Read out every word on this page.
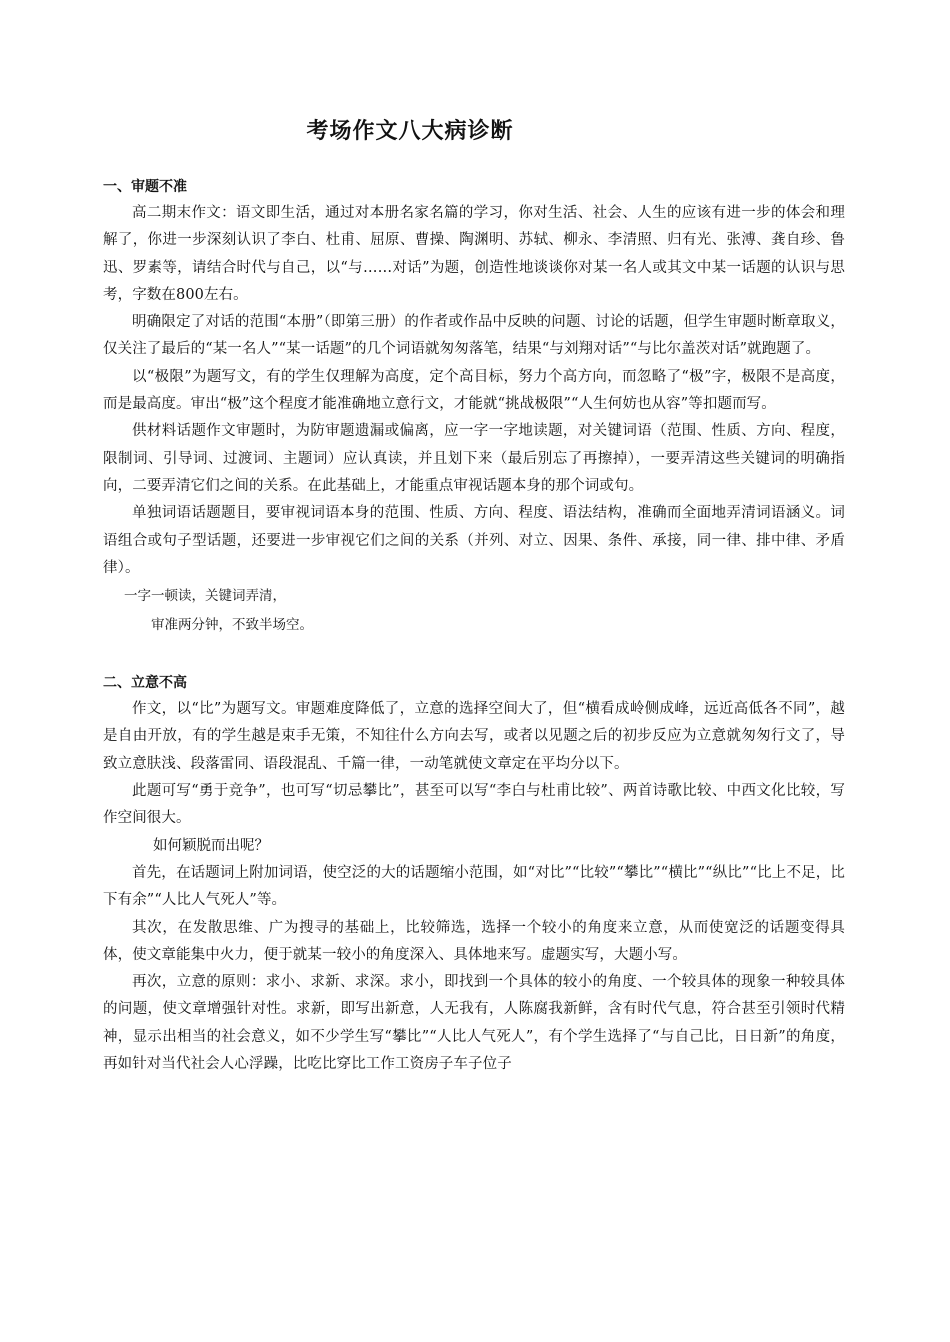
考场作文八大病诊断

一、审题不准

高二期末作文：语文即生活，通过对本册名家名篇的学习，你对生活、社会、人生的应该有进一步的体会和理解了，你进一步深刻认识了李白、杜甫、屈原、曹操、陶渊明、苏轼、柳永、李清照、归有光、张溥、龚自珍、鲁迅、罗素等，请结合时代与自己，以“与……对话”为题，创造性地谈谈你对某一名人或其文中某一话题的认识与思考，字数在800左右。

明确限定了对话的范围“本册”（即第三册）的作者或作品中反映的问题、讨论的话题，但学生审题时断章取义，仅关注了最后的“某一名人”“某一话题”的几个词语就匆匆落笔，结果“与刘翔对话”“与比尔盖茨对话”就跑题了。

以“极限”为题写文，有的学生仅理解为高度，定个高目标，努力个高方向，而忽略了“极”字，极限不是高度，而是最高度。审出“极”这个程度才能准确地立意行文，才能就“挑战极限”“人生何妨也从容”等扣题而写。

供材料话题作文审题时，为防审题遗漏或偏离，应一字一字地读题，对关键词语（范围、性质、方向、程度，限制词、引导词、过渡词、主题词）应认真读，并且划下来（最后别忘了再擦掉），一要弄清这些关键词的明确指向，二要弄清它们之间的关系。在此基础上，才能重点审视话题本身的那个词或句。

单独词语话题题目，要审视词语本身的范围、性质、方向、程度、语法结构，准确而全面地弄清词语涵义。词语组合或句子型话题，还要进一步审视它们之间的关系（并列、对立、因果、条件、承接，同一律、排中律、矛盾律）。

一字一顿读，关键词弄清，

审准两分钟，不致半场空。

二、立意不高

作文，以“比”为题写文。审题难度降低了，立意的选择空间大了，但“横看成岭侧成峰，远近高低各不同”，越是自由开放，有的学生越是束手无策，不知往什么方向去写，或者以见题之后的初步反应为立意就匆匆行文了，导致立意肤浅、段落雷同、语段混乱、千篇一律，一动笔就使文章定在平均分以下。

此题可写“勇于竞争”，也可写“切忌攀比”，甚至可以写“李白与杜甫比较”、两首诗歌比较、中西文化比较，写作空间很大。

如何颖脱而出呢？

首先，在话题词上附加词语，使空泛的大的话题缩小范围，如“对比”“比较”“攀比”“横比”“纵比”“比上不足，比下有余”“人比人气死人”等。

其次，在发散思维、广为搜寻的基础上，比较筛选，选择一个较小的角度来立意，从而使宽泛的话题变得具体，使文章能集中火力，便于就某一较小的角度深入、具体地来写。虚题实写，大题小写。

再次，立意的原则：求小、求新、求深。求小，即找到一个具体的较小的角度、一个较具体的现象一种较具体的问题，使文章增强针对性。求新，即写出新意，人无我有，人陈腐我新鲜，含有时代气息，符合甚至引领时代精神，显示出相当的社会意义，如不少学生写“攀比”“人比人气死人”，有个学生选择了“与自己比，日日新”的角度，再如针对当代社会人心浮躁，比吃比穿比工作工资房子车子位子
